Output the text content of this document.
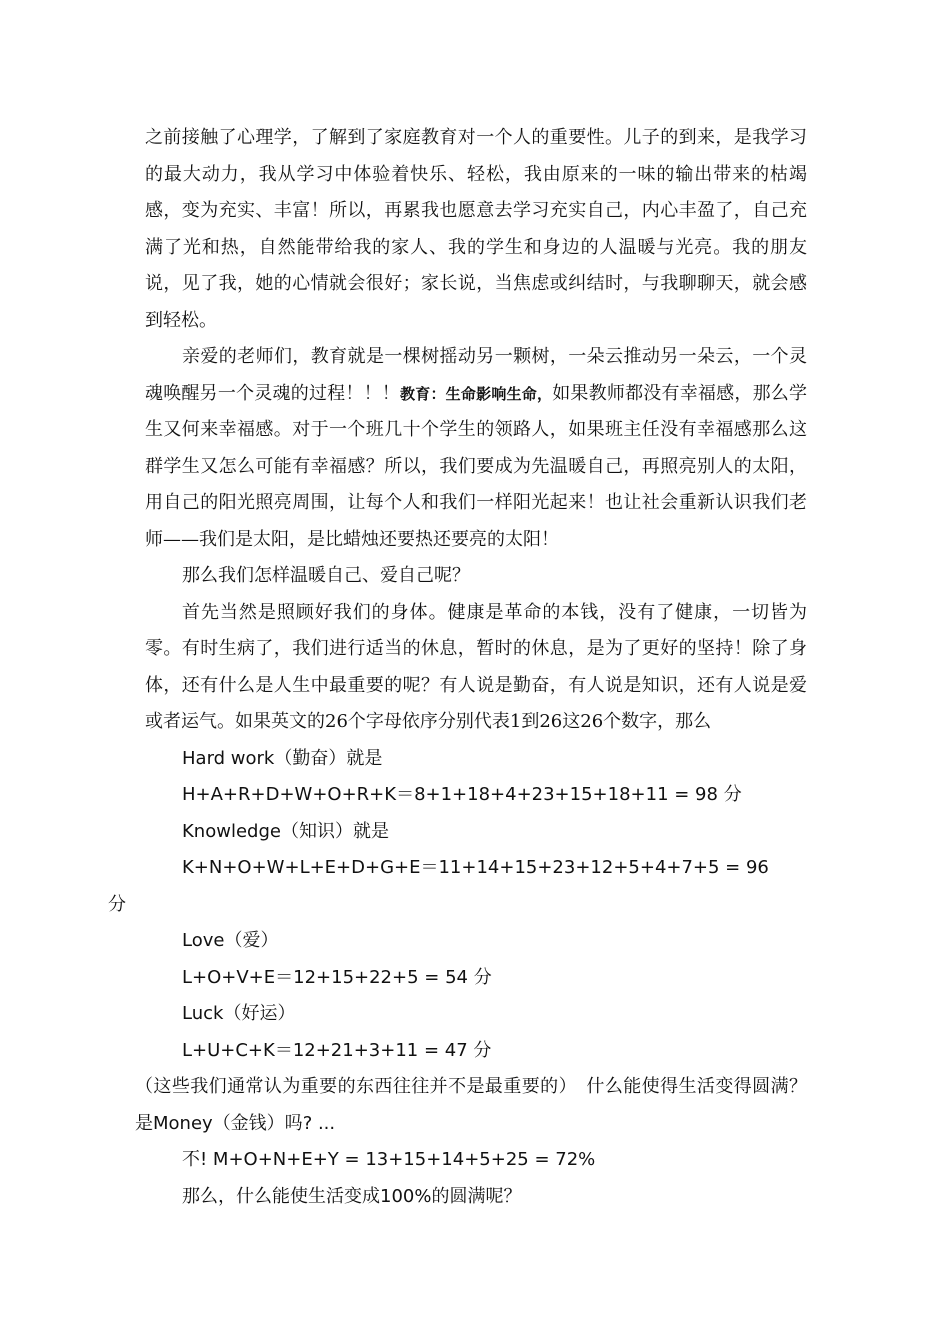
之前接触了心理学，了解到了家庭教育对一个人的重要性。儿子的到来，是我学习的最大动力，我从学习中体验着快乐、轻松，我由原来的一味的输出带来的枯竭感，变为充实、丰富！所以，再累我也愿意去学习充实自己，内心丰盈了，自己充满了光和热，自然能带给我的家人、我的学生和身边的人温暖与光亮。我的朋友说，见了我，她的心情就会很好；家长说，当焦虑或纠结时，与我聊聊天，就会感到轻松。

亲爱的老师们，教育就是一棵树摇动另一颗树，一朵云推动另一朵云，一个灵魂唤醒另一个灵魂的过程！！！教育：生命影响生命，如果教师都没有幸福感，那么学生又何来幸福感。对于一个班几十个学生的领路人，如果班主任没有幸福感那么这群学生又怎么可能有幸福感？所以，我们要成为先温暖自己，再照亮别人的太阳，用自己的阳光照亮周围，让每个人和我们一样阳光起来！也让社会重新认识我们老师——我们是太阳，是比蜡烛还要热还要亮的太阳！

那么我们怎样温暖自己、爱自己呢？

首先当然是照顾好我们的身体。健康是革命的本钱，没有了健康，一切皆为零。有时生病了，我们进行适当的休息，暂时的休息，是为了更好的坚持！除了身体，还有什么是人生中最重要的呢？有人说是勤奋，有人说是知识，还有人说是爱或者运气。如果英文的26个字母依序分别代表1到26这26个数字，那么

Hard work（勤奋）就是

H+A+R+D+W+O+R+K＝8+1+18+4+23+15+18+11 = 98 分

Knowledge（知识）就是

K+N+O+W+L+E+D+G+E＝11+14+15+23+12+5+4+7+5 = 96
分

Love（爱）

L+O+V+E＝12+15+22+5 = 54 分

Luck（好运）

L+U+C+K＝12+21+3+11 = 47 分

（这些我们通常认为重要的东西往往并不是最重要的）　什么能使得生活变得圆满？　是Money（金钱）吗? ...

不! M+O+N+E+Y = 13+15+14+5+25 = 72%

那么，什么能使生活变成100%的圆满呢？
